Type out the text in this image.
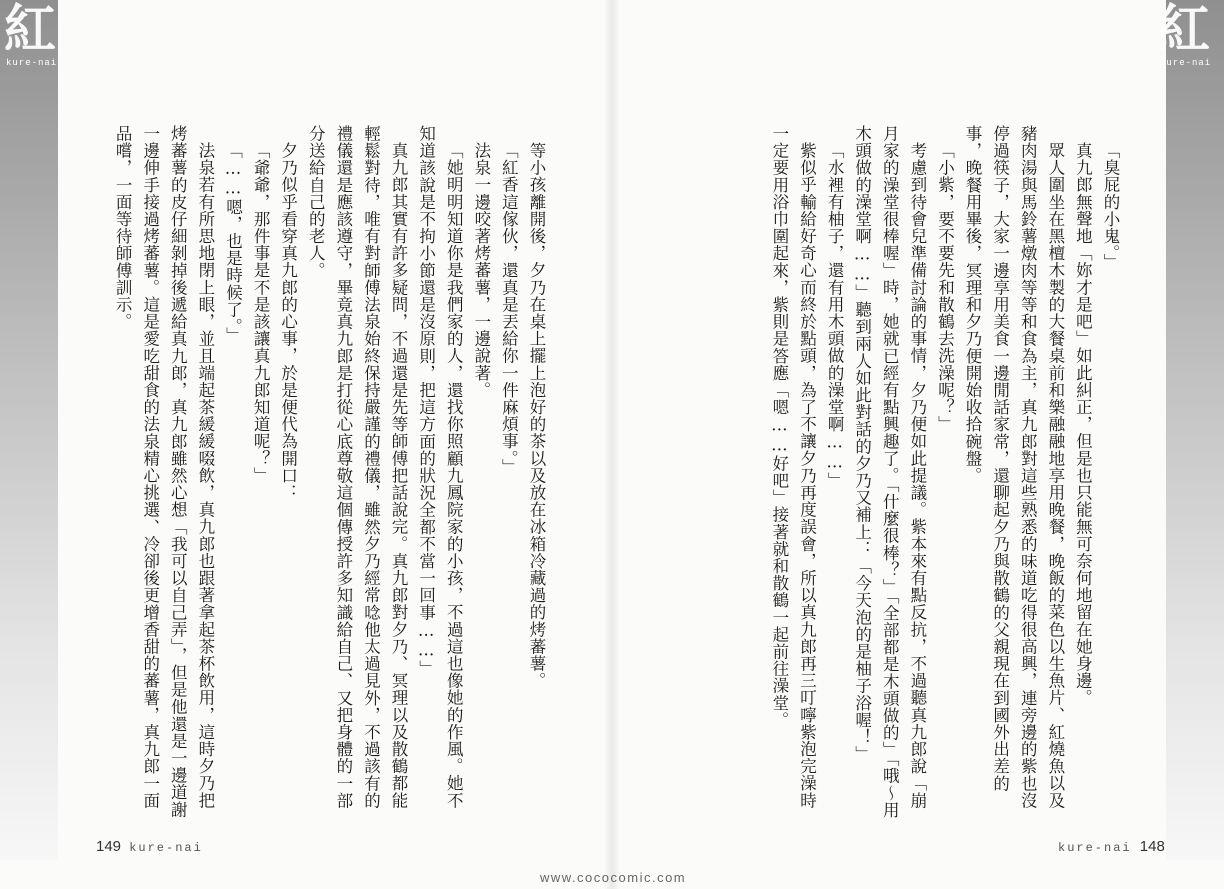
紅
kure-nai

等小孩離開後，夕乃在桌上擺上泡好的茶以及放在冰箱冷藏過的烤蕃薯。

「紅香這傢伙，還真是丟給你一件麻煩事。」

法泉一邊咬著烤蕃薯，一邊說著。

「她明明知道你是我們家的人，還找你照顧九鳳院家的小孩，不過這也像她的作風。她不知道該說是不拘小節還是沒原則，把這方面的狀況全都不當一回事……」

真九郎其實有許多疑問，不過還是先等師傅把話說完。真九郎對夕乃、冥理以及散鶴都能輕鬆對待，唯有對師傅法泉始終保持嚴謹的禮儀，雖然夕乃經常唸他太過見外，不過該有的禮儀還是應該遵守，畢竟真九郎是打從心底尊敬這個傳授許多知識給自己、又把身體的一部分送給自己的老人。

夕乃似乎看穿真九郎的心事，於是便代為開口：

「爺爺，那件事是不是該讓真九郎知道呢？」

「……嗯，也是時候了。」

法泉若有所思地閉上眼，並且端起茶緩緩啜飲，真九郎也跟著拿起茶杯飲用，這時夕乃把烤蕃薯的皮仔細剝掉後遞給真九郎，真九郎雖然心想「我可以自己弄」，但是他還是一邊道謝一邊伸手接過烤蕃薯。這是愛吃甜食的法泉精心挑選、冷卻後更增香甜的蕃薯，真九郎一面品嚐，一面等待師傅訓示。

149 kure-nai
紅
kure-nai

「臭屁的小鬼。」

真九郎無聲地「妳才是吧」如此糾正，但是也只能無可奈何地留在她身邊。

眾人圍坐在黑檀木製的大餐桌前和樂融融地享用晚餐，晚飯的菜色以生魚片、紅燒魚以及豬肉湯與馬鈴薯燉肉等等和食為主，真九郎對這些熟悉的味道吃得很高興，連旁邊的紫也沒停過筷子，大家一邊享用美食一邊閒話家常，還聊起夕乃與散鶴的父親現在到國外出差的事，晚餐用畢後，冥理和夕乃便開始收拾碗盤。

「小紫，要不要先和散鶴去洗澡呢？」

考慮到待會兒準備討論的事情，夕乃便如此提議。紫本來有點反抗，不過聽真九郎說「崩月家的澡堂很棒喔」時，她就已經有點興趣了。「什麼很棒？」「全部都是木頭做的」「哦～用木頭做的澡堂啊……」聽到兩人如此對話的夕乃又補上：「今天泡的是柚子浴喔！」

「水裡有柚子，還有用木頭做的澡堂啊……」

紫似乎輸給好奇心而終於點頭，為了不讓夕乃再度誤會，所以真九郎再三叮嚀紫泡完澡時一定要用浴巾圍起來，紫則是答應「嗯……好吧」接著就和散鶴一起前往澡堂。

kure-nai 148
www.cococomic.com
